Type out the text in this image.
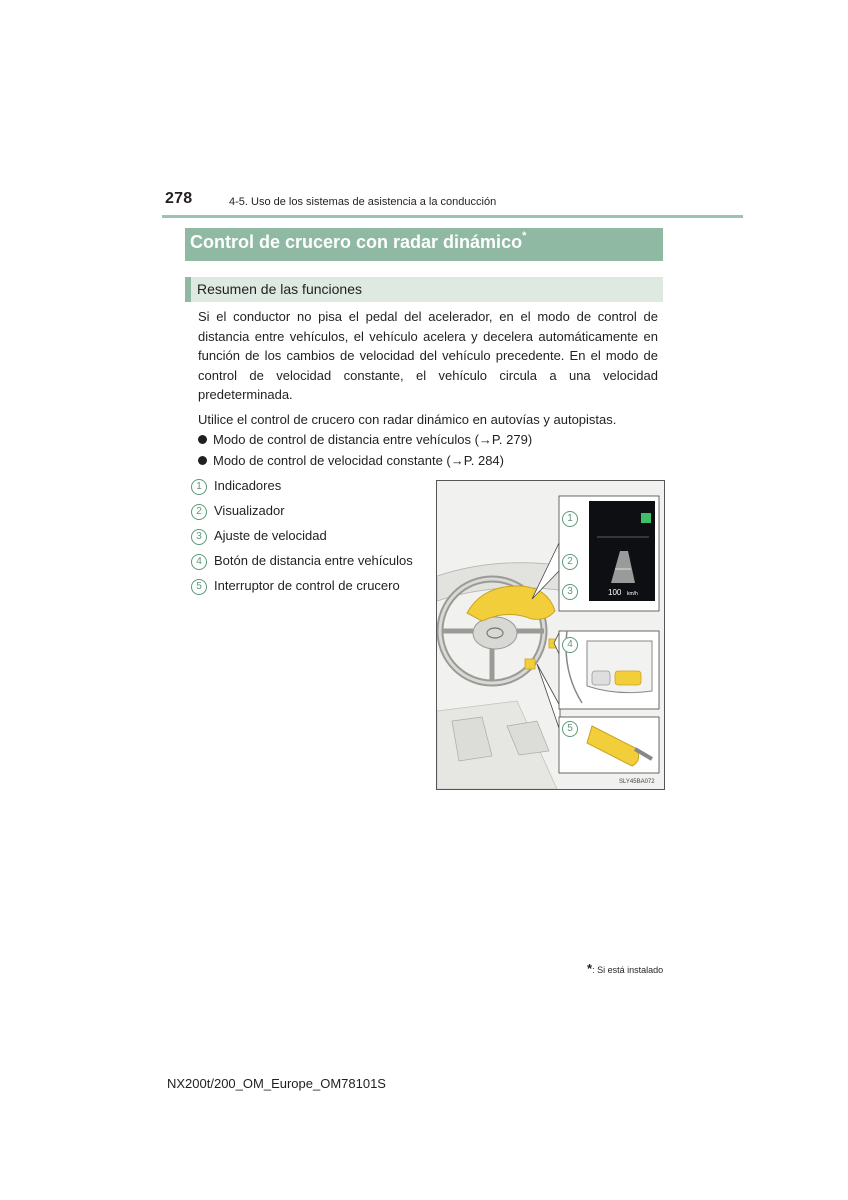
278	4-5. Uso de los sistemas de asistencia a la conducción
Control de crucero con radar dinámico*
Resumen de las funciones

Si el conductor no pisa el pedal del acelerador, en el modo de control de distancia entre vehículos, el vehículo acelera y decelera automáticamente en función de los cambios de velocidad del vehículo precedente. En el modo de control de velocidad constante, el vehículo circula a una velocidad predeterminada.

Utilice el control de crucero con radar dinámico en autovías y autopistas.

Modo de control de distancia entre vehículos (→P. 279)
Modo de control de velocidad constante (→P. 284)
1 Indicadores
2 Visualizador
3 Ajuste de velocidad
4 Botón de distancia entre vehículos
5 Interruptor de control de crucero	100 km/h
SLY45BA072
1
2
3
4
5
*: Si está instalado
NX200t/200_OM_Europe_OM78101S
